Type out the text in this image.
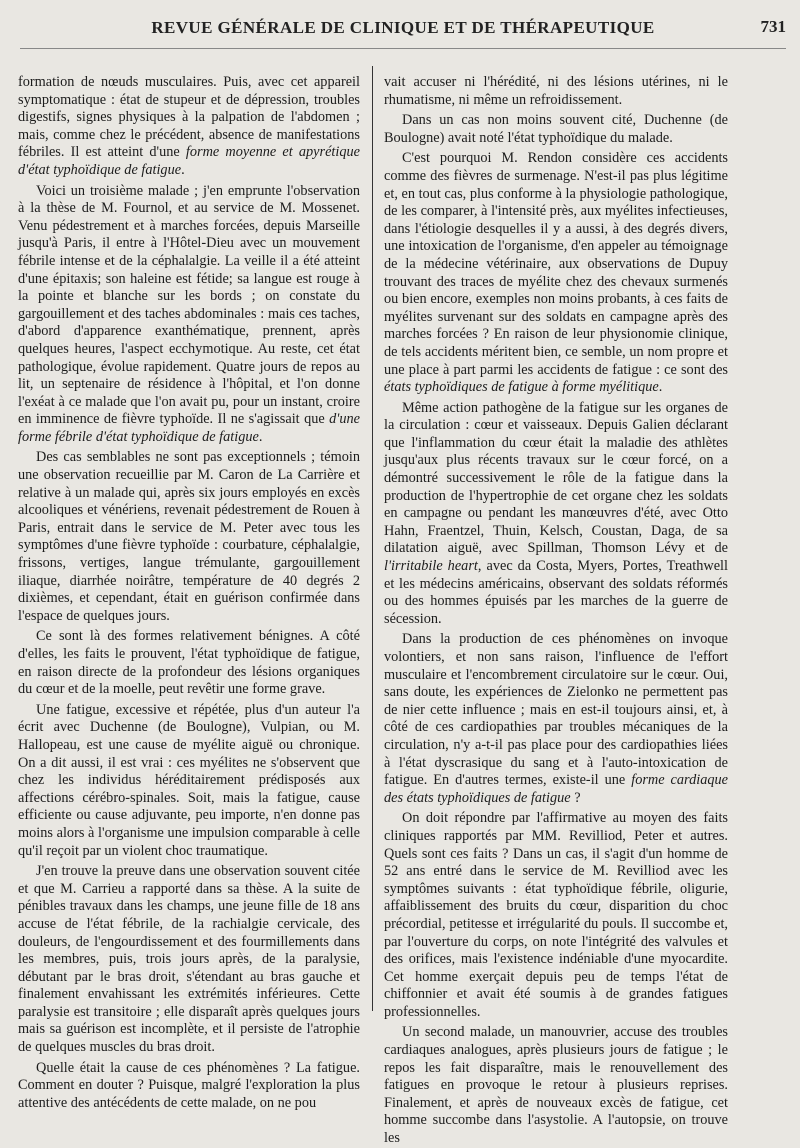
REVUE GÉNÉRALE DE CLINIQUE ET DE THÉRAPEUTIQUE	731

formation de nœuds musculaires. Puis, avec cet appareil symptomatique : état de stupeur et de dépression, troubles digestifs, signes physiques à la palpation de l'abdomen ; mais, comme chez le précédent, absence de manifestations fébriles. Il est atteint d'une forme moyenne et apyrétique d'état typhoïdique de fatigue.

Voici un troisième malade ; j'en emprunte l'observation à la thèse de M. Fournol, et au service de M. Mossenet. Venu pédestrement et à marches forcées, depuis Marseille jusqu'à Paris, il entre à l'Hôtel-Dieu avec un mouvement fébrile intense et de la céphalalgie. La veille il a été atteint d'une épitaxis; son haleine est fétide; sa langue est rouge à la pointe et blanche sur les bords ; on constate du gargouillement et des taches abdominales : mais ces taches, d'abord d'apparence exanthématique, prennent, après quelques heures, l'aspect ecchymotique. Au reste, cet état pathologique, évolue rapidement. Quatre jours de repos au lit, un septenaire de résidence à l'hôpital, et l'on donne l'exéat à ce malade que l'on avait pu, pour un instant, croire en imminence de fièvre typhoïde. Il ne s'agissait que d'une forme fébrile d'état typhoïdique de fatigue.

Des cas semblables ne sont pas exceptionnels ; témoin une observation recueillie par M. Caron de La Carrière et relative à un malade qui, après six jours employés en excès alcooliques et vénériens, revenait pédestrement de Rouen à Paris, entrait dans le service de M. Peter avec tous les symptômes d'une fièvre typhoïde : courbature, céphalalgie, frissons, vertiges, langue trémulante, gargouillement iliaque, diarrhée noirâtre, température de 40 degrés 2 dixièmes, et cependant, était en guérison confirmée dans l'espace de quelques jours.

Ce sont là des formes relativement bénignes. A côté d'elles, les faits le prouvent, l'état typhoïdique de fatigue, en raison directe de la profondeur des lésions organiques du cœur et de la moelle, peut revêtir une forme grave.

Une fatigue, excessive et répétée, plus d'un auteur l'a écrit avec Duchenne (de Boulogne), Vulpian, ou M. Hallopeau, est une cause de myélite aiguë ou chronique. On a dit aussi, il est vrai : ces myélites ne s'observent que chez les individus héréditairement prédisposés aux affections cérébro-spinales. Soit, mais la fatigue, cause efficiente ou cause adjuvante, peu importe, n'en donne pas moins alors à l'organisme une impulsion comparable à celle qu'il reçoit par un violent choc traumatique.

J'en trouve la preuve dans une observation souvent citée et que M. Carrieu a rapporté dans sa thèse. A la suite de pénibles travaux dans les champs, une jeune fille de 18 ans accuse de l'état fébrile, de la rachialgie cervicale, des douleurs, de l'engourdissement et des fourmillements dans les membres, puis, trois jours après, de la paralysie, débutant par le bras droit, s'étendant au bras gauche et finalement envahissant les extrémités inférieures. Cette paralysie est transitoire ; elle disparaît après quelques jours mais sa guérison est incomplète, et il persiste de l'atrophie de quelques muscles du bras droit.

Quelle était la cause de ces phénomènes ? La fatigue. Comment en douter ? Puisque, malgré l'exploration la plus attentive des antécédents de cette malade, on ne pou

vait accuser ni l'hérédité, ni des lésions utérines, ni le rhumatisme, ni même un refroidissement.

Dans un cas non moins souvent cité, Duchenne (de Boulogne) avait noté l'état typhoïdique du malade.

C'est pourquoi M. Rendon considère ces accidents comme des fièvres de surmenage. N'est-il pas plus légitime et, en tout cas, plus conforme à la physiologie pathologique, de les comparer, à l'intensité près, aux myélites infectieuses, dans l'étiologie desquelles il y a aussi, à des degrés divers, une intoxication de l'organisme, d'en appeler au témoignage de la médecine vétérinaire, aux observations de Dupuy trouvant des traces de myélite chez des chevaux surmenés ou bien encore, exemples non moins probants, à ces faits de myélites survenant sur des soldats en campagne après des marches forcées ? En raison de leur physionomie clinique, de tels accidents méritent bien, ce semble, un nom propre et une place à part parmi les accidents de fatigue : ce sont des états typhoïdiques de fatigue à forme myélitique.

Même action pathogène de la fatigue sur les organes de la circulation : cœur et vaisseaux. Depuis Galien déclarant que l'inflammation du cœur était la maladie des athlètes jusqu'aux plus récents travaux sur le cœur forcé, on a démontré successivement le rôle de la fatigue dans la production de l'hypertrophie de cet organe chez les soldats en campagne ou pendant les manœuvres d'été, avec Otto Hahn, Fraentzel, Thuin, Kelsch, Coustan, Daga, de sa dilatation aiguë, avec Spillman, Thomson Lévy et de l'irritabile heart, avec da Costa, Myers, Portes, Treathwell et les médecins américains, observant des soldats réformés ou des hommes épuisés par les marches de la guerre de sécession.

Dans la production de ces phénomènes on invoque volontiers, et non sans raison, l'influence de l'effort musculaire et l'encombrement circulatoire sur le cœur. Oui, sans doute, les expériences de Zielonko ne permettent pas de nier cette influence ; mais en est-il toujours ainsi, et, à côté de ces cardiopathies par troubles mécaniques de la circulation, n'y a-t-il pas place pour des cardiopathies liées à l'état dyscrasique du sang et à l'auto-intoxication de fatigue. En d'autres termes, existe-il une forme cardiaque des états typhoïdiques de fatigue ?

On doit répondre par l'affirmative au moyen des faits cliniques rapportés par MM. Revilliod, Peter et autres. Quels sont ces faits ? Dans un cas, il s'agit d'un homme de 52 ans entré dans le service de M. Revilliod avec les symptômes suivants : état typhoïdique fébrile, oligurie, affaiblissement des bruits du cœur, disparition du choc précordial, petitesse et irrégularité du pouls. Il succombe et, par l'ouverture du corps, on note l'intégrité des valvules et des orifices, mais l'existence indéniable d'une myocardite. Cet homme exerçait depuis peu de temps l'état de chiffonnier et avait été soumis à de grandes fatigues professionnelles.

Un second malade, un manouvrier, accuse des troubles cardiaques analogues, après plusieurs jours de fatigue ; le repos les fait disparaître, mais le renouvellement des fatigues en provoque le retour à plusieurs reprises. Finalement, et après de nouveaux excès de fatigue, cet homme succombe dans l'asystolie. A l'autopsie, on trouve les
